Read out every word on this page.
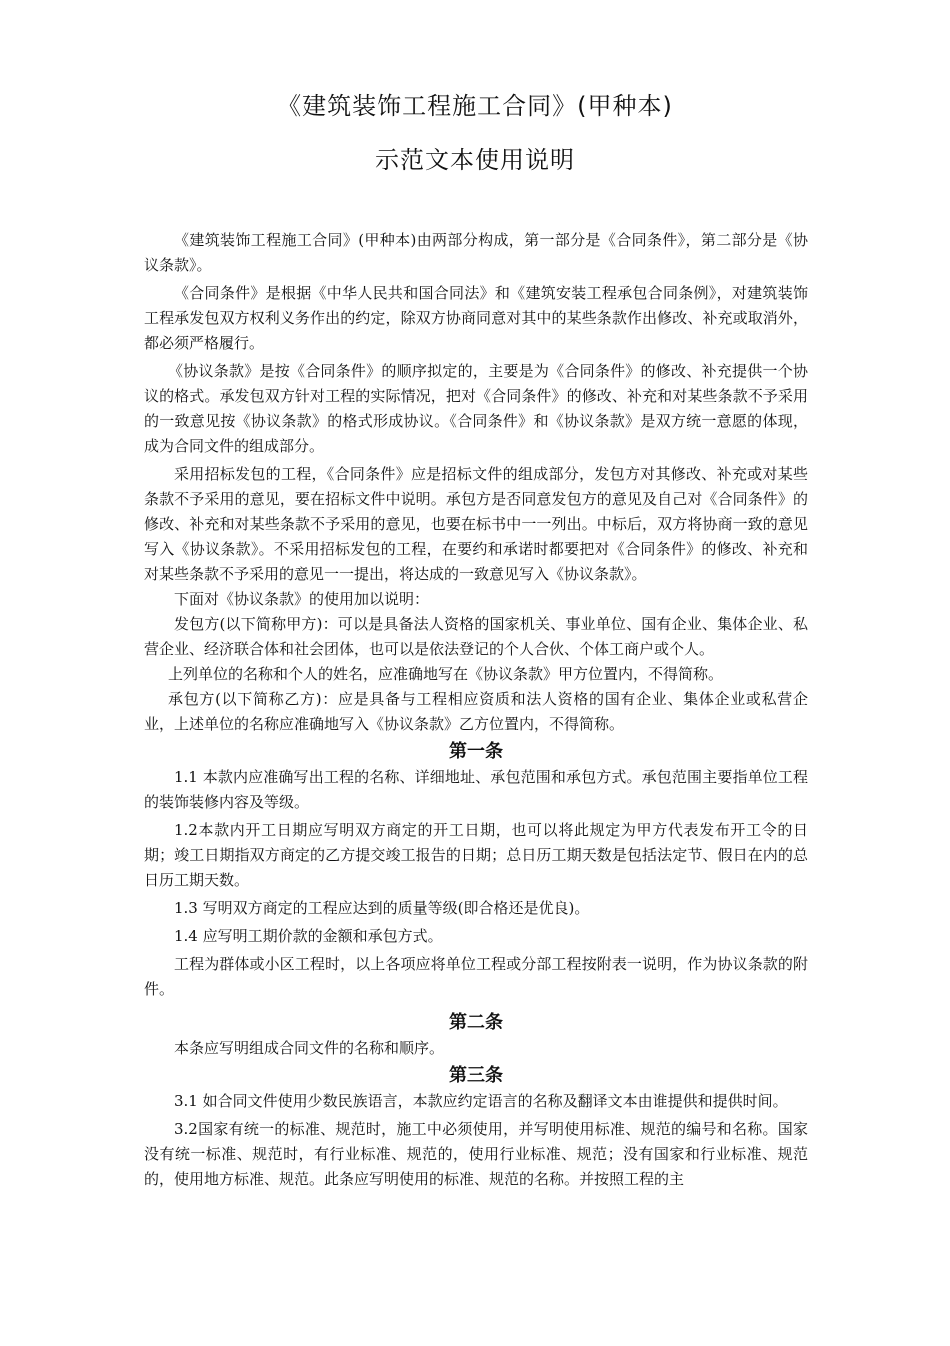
《建筑装饰工程施工合同》(甲种本)
示范文本使用说明

《建筑装饰工程施工合同》(甲种本)由两部分构成，第一部分是《合同条件》，第二部分是《协议条款》。

《合同条件》是根据《中华人民共和国合同法》和《建筑安装工程承包合同条例》，对建筑装饰工程承发包双方权利义务作出的约定，除双方协商同意对其中的某些条款作出修改、补充或取消外，都必须严格履行。

《协议条款》是按《合同条件》的顺序拟定的，主要是为《合同条件》的修改、补充提供一个协议的格式。承发包双方针对工程的实际情况，把对《合同条件》的修改、补充和对某些条款不予采用的一致意见按《协议条款》的格式形成协议。《合同条件》和《协议条款》是双方统一意愿的体现，成为合同文件的组成部分。

采用招标发包的工程，《合同条件》应是招标文件的组成部分，发包方对其修改、补充或对某些条款不予采用的意见，要在招标文件中说明。承包方是否同意发包方的意见及自己对《合同条件》的修改、补充和对某些条款不予采用的意见，也要在标书中一一列出。中标后，双方将协商一致的意见写入《协议条款》。不采用招标发包的工程，在要约和承诺时都要把对《合同条件》的修改、补充和对某些条款不予采用的意见一一提出，将达成的一致意见写入《协议条款》。

下面对《协议条款》的使用加以说明：

发包方(以下简称甲方)：可以是具备法人资格的国家机关、事业单位、国有企业、集体企业、私营企业、经济联合体和社会团体，也可以是依法登记的个人合伙、个体工商户或个人。

上列单位的名称和个人的姓名，应准确地写在《协议条款》甲方位置内，不得简称。

承包方(以下简称乙方)：应是具备与工程相应资质和法人资格的国有企业、集体企业或私营企业，上述单位的名称应准确地写入《协议条款》乙方位置内，不得简称。

第一条

1.1 本款内应准确写出工程的名称、详细地址、承包范围和承包方式。承包范围主要指单位工程的装饰装修内容及等级。

1.2本款内开工日期应写明双方商定的开工日期，也可以将此规定为甲方代表发布开工令的日期；竣工日期指双方商定的乙方提交竣工报告的日期；总日历工期天数是包括法定节、假日在内的总日历工期天数。

1.3 写明双方商定的工程应达到的质量等级(即合格还是优良)。

1.4 应写明工期价款的金额和承包方式。

工程为群体或小区工程时，以上各项应将单位工程或分部工程按附表一说明，作为协议条款的附件。

第二条

本条应写明组成合同文件的名称和顺序。

第三条

3.1 如合同文件使用少数民族语言，本款应约定语言的名称及翻译文本由谁提供和提供时间。

3.2国家有统一的标准、规范时，施工中必须使用，并写明使用标准、规范的编号和名称。国家没有统一标准、规范时，有行业标准、规范的，使用行业标准、规范；没有国家和行业标准、规范的，使用地方标准、规范。此条应写明使用的标准、规范的名称。并按照工程的主
